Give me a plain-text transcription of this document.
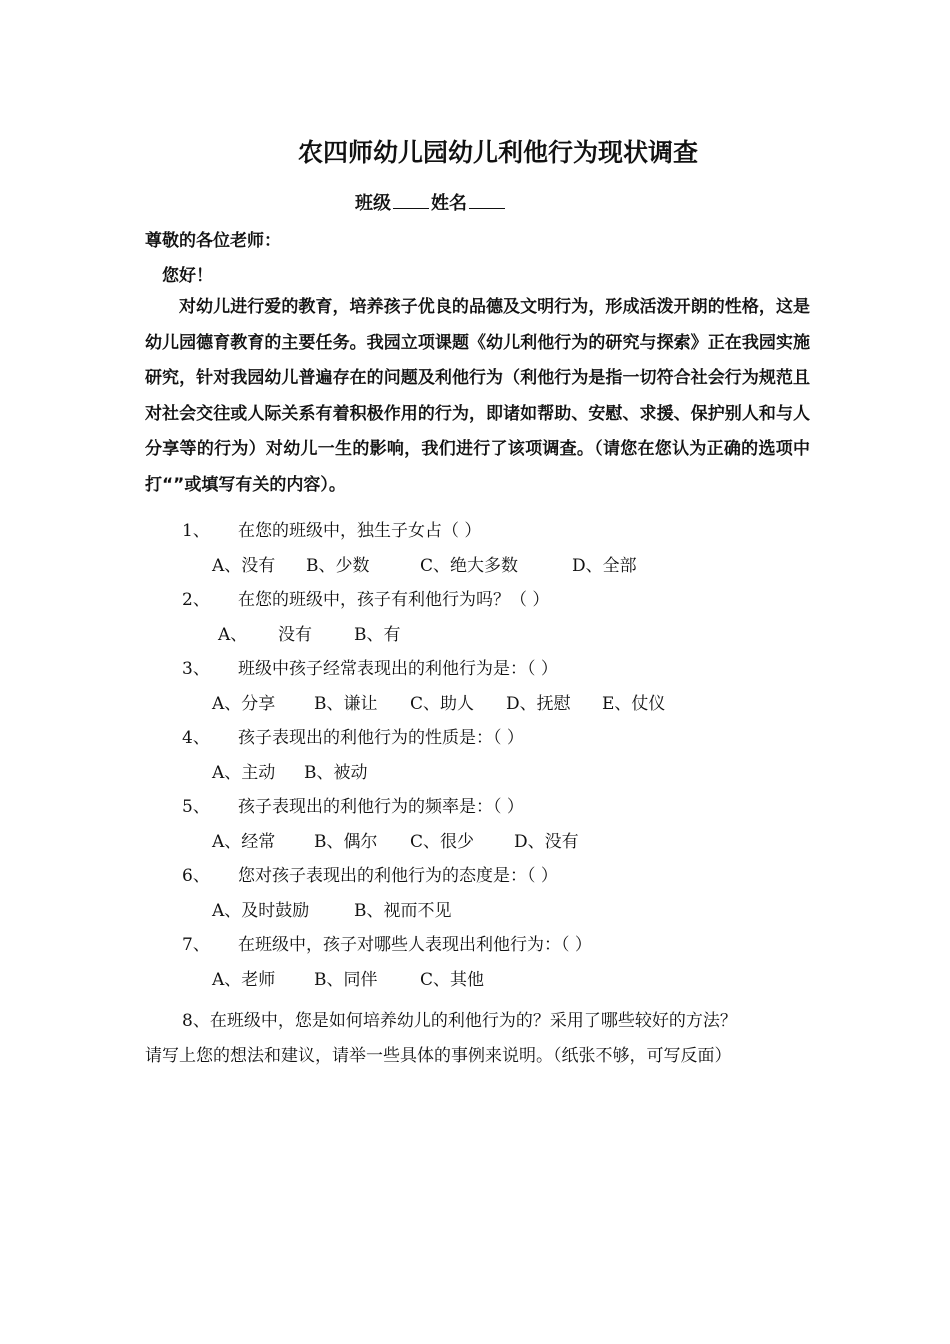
农四师幼儿园幼儿利他行为现状调查
班级 姓名
尊敬的各位老师：
您好！
对幼儿进行爱的教育，培养孩子优良的品德及文明行为，形成活泼开朗的性格，这是幼儿园德育教育的主要任务。我园立项课题《幼儿利他行为的研究与探索》正在我园实施研究，针对我园幼儿普遍存在的问题及利他行为（利他行为是指一切符合社会行为规范且对社会交往或人际关系有着积极作用的行为，即诸如帮助、安慰、求援、保护别人和与人分享等的行为）对幼儿一生的影响，我们进行了该项调查。（请您在您认为正确的选项中打“”或填写有关的内容）。
1、 在您的班级中，独生子女占（ ）
A、没有 B、少数	C、绝大多数	D、全部
2、 在您的班级中，孩子有利他行为吗？（ ）
A、 没有 B、有
3、 班级中孩子经常表现出的利他行为是：（ ）
A、分享 B、谦让 C、助人 D、抚慰 E、仗仪
4、 孩子表现出的利他行为的性质是：（ ）
A、主动 B、被动
5、 孩子表现出的利他行为的频率是：（ ）
A、经常 B、偶尔 C、很少 D、没有
6、 您对孩子表现出的利他行为的态度是：（ ）
A、及时鼓励	B、视而不见
7、 在班级中，孩子对哪些人表现出利他行为：（ ）
A、老师 B、同伴	C、其他
8、在班级中，您是如何培养幼儿的利他行为的？采用了哪些较好的方法？
请写上您的想法和建议，请举一些具体的事例来说明。（纸张不够，可写反面）
